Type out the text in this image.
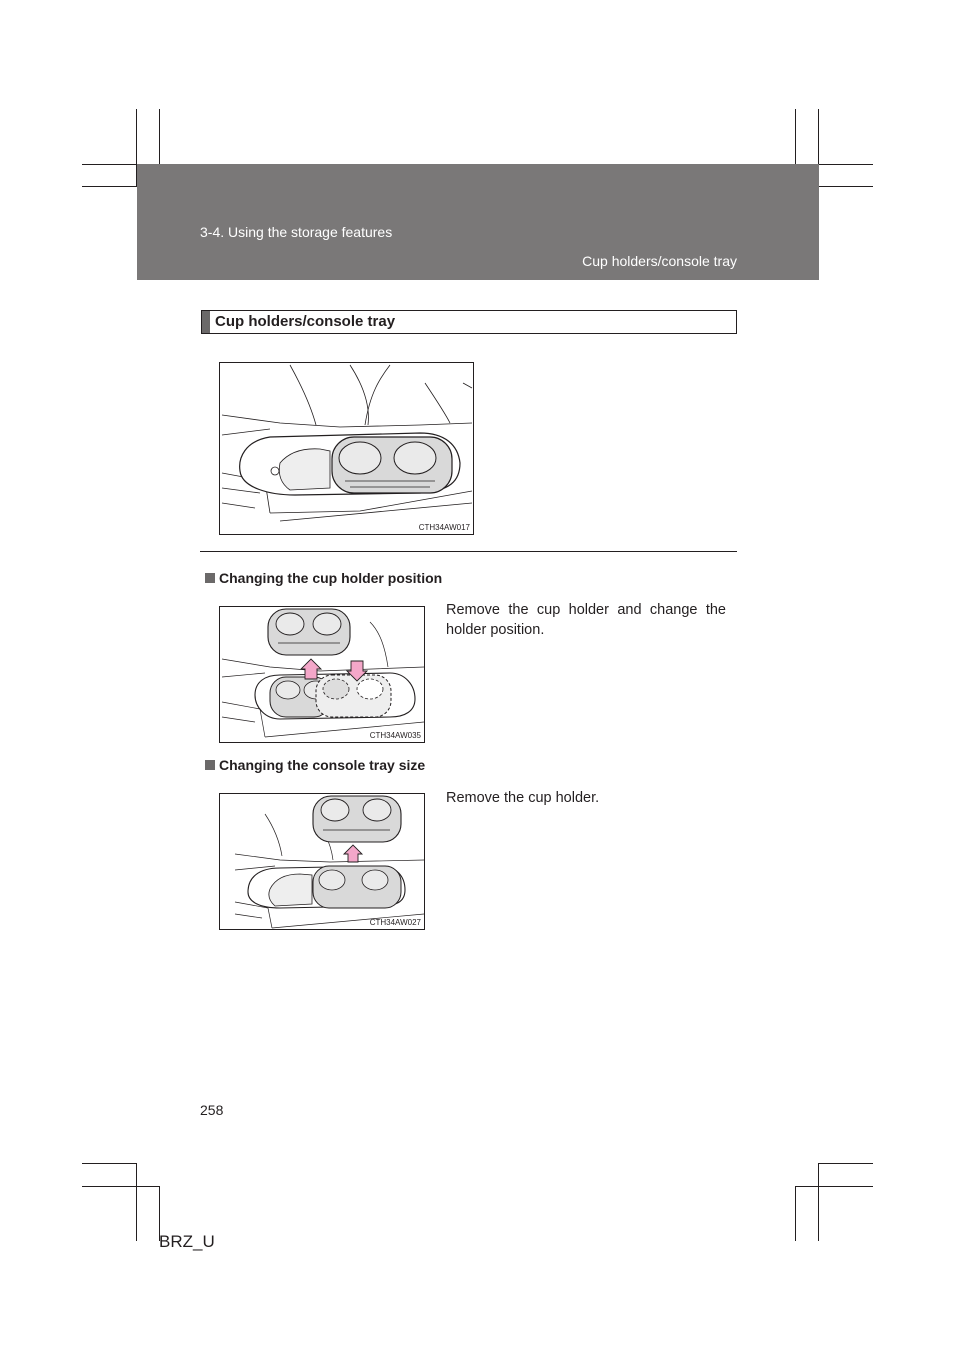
3-4. Using the storage features
Cup holders/console tray
Cup holders/console tray
CTH34AW017
Changing the cup holder position
CTH34AW035
Remove the cup holder and change the holder position.
Changing the console tray size
CTH34AW027
Remove the cup holder.
258
BRZ_U
